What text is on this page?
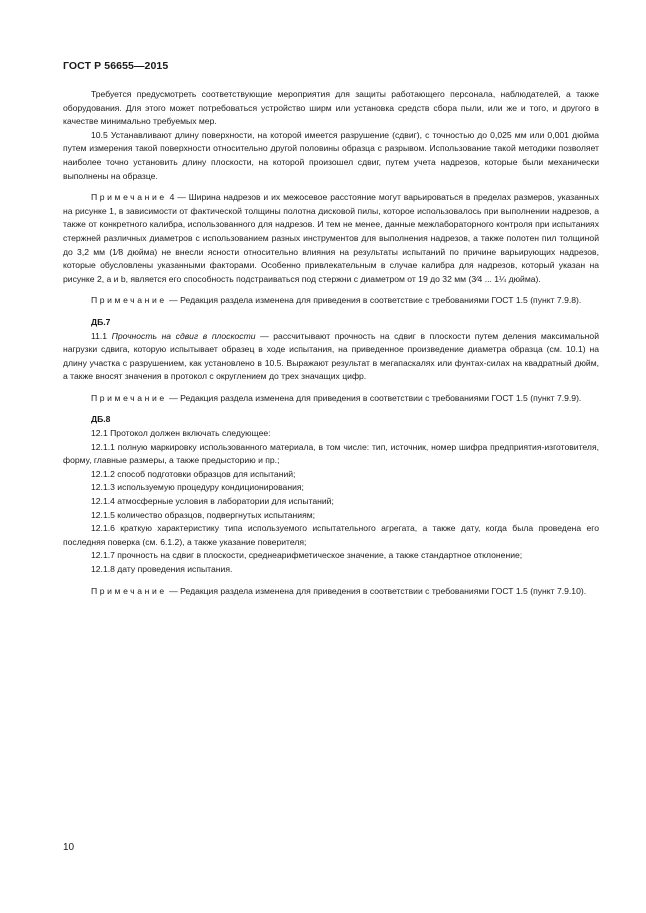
ГОСТ Р 56655—2015

Требуется предусмотреть соответствующие мероприятия для защиты работающего персонала, наблюдателей, а также оборудования. Для этого может потребоваться устройство ширм или установка средств сбора пыли, или же и того, и другого в качестве минимально требуемых мер.

10.5 Устанавливают длину поверхности, на которой имеется разрушение (сдвиг), с точностью до 0,025 мм или 0,001 дюйма путем измерения такой поверхности относительно другой половины образца с разрывом. Использование такой методики позволяет наиболее точно установить длину плоскости, на которой произошел сдвиг, путем учета надрезов, которые были механически выполнены на образце.

Примечание 4 — Ширина надрезов и их межосевое расстояние могут варьироваться в пределах размеров, указанных на рисунке 1, в зависимости от фактической толщины полотна дисковой пилы, которое использовалось при выполнении надрезов, а также от конкретного калибра, использованного для надрезов. И тем не менее, данные межлабораторного контроля при испытаниях стержней различных диаметров с использованием разных инструментов для выполнения надрезов, а также полотен пил толщиной до 3,2 мм (1⁄8 дюйма) не внесли ясности относительно влияния на результаты испытаний по причине варьирующих надрезов, которые обусловлены указанными факторами. Особенно привлекательным в случае калибра для надрезов, который указан на рисунке 2, a и b, является его способность подстраиваться под стержни с диаметром от 19 до 32 мм (3⁄4 ... 1¼ дюйма).

Примечание — Редакция раздела изменена для приведения в соответствие с требованиями ГОСТ 1.5 (пункт 7.9.8).

ДБ.7

11.1 Прочность на сдвиг в плоскости — рассчитывают прочность на сдвиг в плоскости путем деления максимальной нагрузки сдвига, которую испытывает образец в ходе испытания, на приведенное произведение диаметра образца (см. 10.1) на длину участка с разрушением, как установлено в 10.5. Выражают результат в мегапаскалях или фунтах-силах на квадратный дюйм, а также вносят значения в протокол с округлением до трех значащих цифр.

Примечание — Редакция раздела изменена для приведения в соответствии с требованиями ГОСТ 1.5 (пункт 7.9.9).

ДБ.8

12.1 Протокол должен включать следующее:

12.1.1 полную маркировку использованного материала, в том числе: тип, источник, номер шифра предприятия-изготовителя, форму, главные размеры, а также предысторию и пр.;

12.1.2 способ подготовки образцов для испытаний;

12.1.3 используемую процедуру кондиционирования;

12.1.4 атмосферные условия в лаборатории для испытаний;

12.1.5 количество образцов, подвергнутых испытаниям;

12.1.6 краткую характеристику типа используемого испытательного агрегата, а также дату, когда была проведена его последняя поверка (см. 6.1.2), а также указание поверителя;

12.1.7 прочность на сдвиг в плоскости, среднеарифметическое значение, а также стандартное отклонение;

12.1.8 дату проведения испытания.

Примечание — Редакция раздела изменена для приведения в соответствии с требованиями ГОСТ 1.5 (пункт 7.9.10).

10
